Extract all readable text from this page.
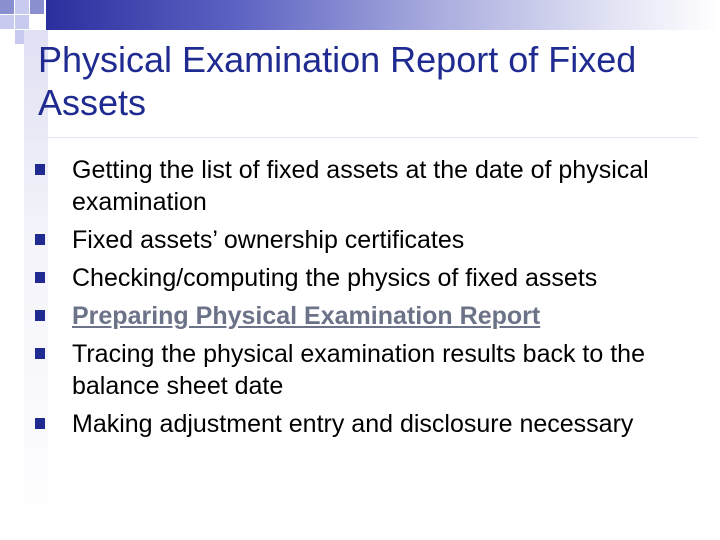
Physical Examination Report of Fixed Assets
Getting the list of fixed assets at the date of physical examination
Fixed assets’ ownership certificates
Checking/computing the physics of fixed assets
Preparing Physical Examination Report
Tracing the physical examination results back to the balance sheet date
Making adjustment entry and disclosure necessary
